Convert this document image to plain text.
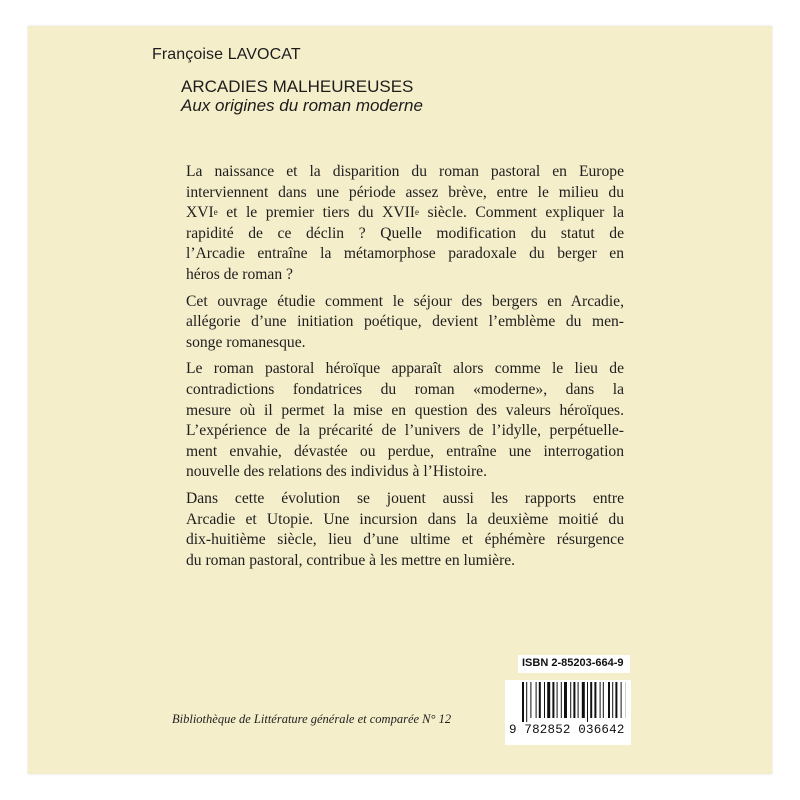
Françoise LAVOCAT
ARCADIES MALHEUREUSES
Aux origines du roman moderne

La naissance et la disparition du roman pastoral en Europe
interviennent dans une période assez brève, entre le milieu du
XVIe et le premier tiers du XVIIe siècle. Comment expliquer la
rapidité de ce déclin ? Quelle modification du statut de
l’Arcadie entraîne la métamorphose paradoxale du berger en
héros de roman ?

Cet ouvrage étudie comment le séjour des bergers en Arcadie,
allégorie d’une initiation poétique, devient l’emblème du men-
songe romanesque.

Le roman pastoral héroïque apparaît alors comme le lieu de
contradictions fondatrices du roman «moderne», dans la
mesure où il permet la mise en question des valeurs héroïques.
L’expérience de la précarité de l’univers de l’idylle, perpétuelle-
ment envahie, dévastée ou perdue, entraîne une interrogation
nouvelle des relations des individus à l’Histoire.

Dans cette évolution se jouent aussi les rapports entre
Arcadie et Utopie. Une incursion dans la deuxième moitié du
dix-huitième siècle, lieu d’une ultime et éphémère résurgence
du roman pastoral, contribue à les mettre en lumière.

ISBN 2-85203-664-9
9 782852 036642
Bibliothèque de Littérature générale et comparée N° 12
